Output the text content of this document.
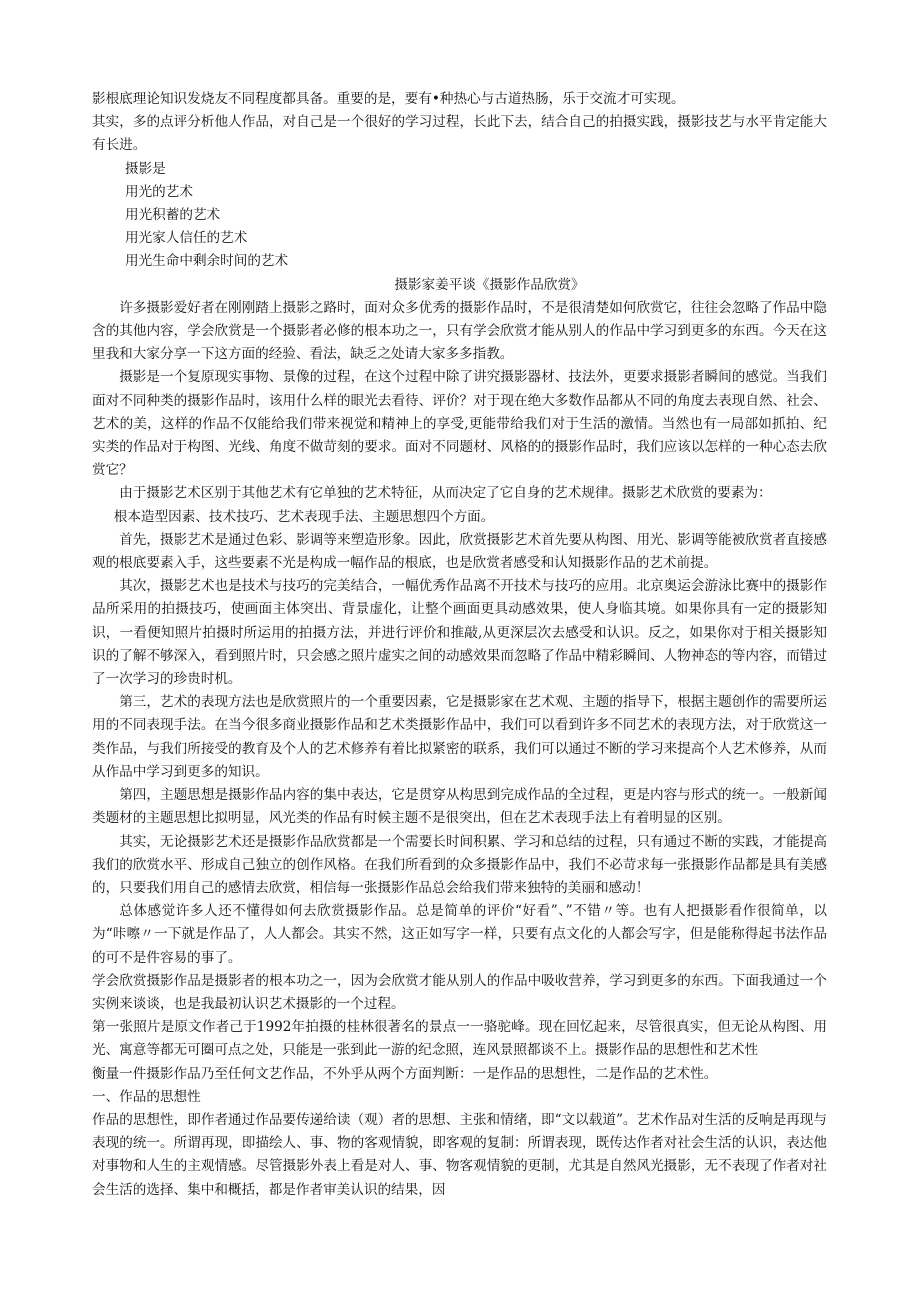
影根底理论知识发烧友不同程度都具备。重要的是，要有•种热心与古道热肠，乐于交流才可实现。

其实，多的点评分析他人作品，对自己是一个很好的学习过程，长此下去，结合自己的拍摄实践，摄影技艺与水平肯定能大有长进。

摄影是

用光的艺术

用光积蓄的艺术

用光家人信任的艺术

用光生命中剩余时间的艺术

摄影家姜平谈《摄影作品欣赏》

许多摄影爱好者在刚刚踏上摄影之路时，面对众多优秀的摄影作品时，不是很清楚如何欣赏它，往往会忽略了作品中隐含的其他内容，学会欣赏是一个摄影者必修的根本功之一，只有学会欣赏才能从别人的作品中学习到更多的东西。今天在这里我和大家分享一下这方面的经验、看法，缺乏之处请大家多多指教。

摄影是一个复原现实事物、景像的过程，在这个过程中除了讲究摄影器材、技法外，更要求摄影者瞬间的感觉。当我们面对不同种类的摄影作品时，该用什么样的眼光去看待、评价？对于现在绝大多数作品都从不同的角度去表现自然、社会、艺术的美，这样的作品不仅能给我们带来视觉和精神上的享受,更能带给我们对于生活的激情。当然也有一局部如抓拍、纪实类的作品对于构图、光线、角度不做苛刻的要求。面对不同题材、风格的的摄影作品时，我们应该以怎样的一种心态去欣赏它？

由于摄影艺术区别于其他艺术有它单独的艺术特征，从而决定了它自身的艺术规律。摄影艺术欣赏的要素为：

根本造型因素、技术技巧、艺术表现手法、主题思想四个方面。

首先，摄影艺术是通过色彩、影调等来塑造形象。因此，欣赏摄影艺术首先要从构图、用光、影调等能被欣赏者直接感观的根底要素入手，这些要素不光是构成一幅作品的根底，也是欣赏者感受和认知摄影作品的艺术前提。

其次，摄影艺术也是技术与技巧的完美结合，一幅优秀作品离不开技术与技巧的应用。北京奥运会游泳比赛中的摄影作品所采用的拍摄技巧，使画面主体突出、背景虚化，让整个画面更具动感效果，使人身临其境。如果你具有一定的摄影知识，一看便知照片拍摄时所运用的拍摄方法，并进行评价和推敲,从更深层次去感受和认识。反之，如果你对于相关摄影知识的了解不够深入，看到照片时，只会感之照片虚实之间的动感效果而忽略了作品中精彩瞬间、人物神态的等内容，而错过了一次学习的珍贵时机。

第三，艺术的表现方法也是欣赏照片的一个重要因素，它是摄影家在艺术观、主题的指导下，根据主题创作的需要所运用的不同表现手法。在当今很多商业摄影作品和艺术类摄影作品中，我们可以看到许多不同艺术的表现方法，对于欣赏这一类作品，与我们所接受的教育及个人的艺术修养有着比拟紧密的联系，我们可以通过不断的学习来提高个人艺术修养，从而从作品中学习到更多的知识。

第四，主题思想是摄影作品内容的集中表达，它是贯穿从构思到完成作品的全过程，更是内容与形式的统一。一般新闻类题材的主题思想比拟明显，风光类的作品有时候主题不是很突出，但在艺术表现手法上有着明显的区别。

其实，无论摄影艺术还是摄影作品欣赏都是一个需要长时间积累、学习和总结的过程，只有通过不断的实践，才能提高我们的欣赏水平、形成自己独立的创作风格。在我们所看到的众多摄影作品中，我们不必苛求每一张摄影作品都是具有美感的，只要我们用自己的感情去欣赏，相信每一张摄影作品总会给我们带来独特的美丽和感动！

总体感觉许多人还不懂得如何去欣赏摄影作品。总是简单的评价“好看”、”不错〃等。也有人把摄影看作很简单，以为“咔嚓〃一下就是作品了，人人都会。其实不然，这正如写字一样，只要有点文化的人都会写字，但是能称得起书法作品的可不是件容易的事了。

学会欣赏摄影作品是摄影者的根本功之一，因为会欣赏才能从别人的作品中吸收营养，学习到更多的东西。下面我通过一个实例来谈谈，也是我最初认识艺术摄影的一个过程。

第一张照片是原文作者己于1992年拍摄的桂林很著名的景点一一骆驼峰。现在回忆起来，尽管很真实，但无论从构图、用光、寓意等都无可圈可点之处，只能是一张到此一游的纪念照，连风景照都谈不上。摄影作品的思想性和艺术性

衡量一件摄影作品乃至任何文艺作品，不外乎从两个方面判断：一是作品的思想性，二是作品的艺术性。

一、作品的思想性

作品的思想性，即作者通过作品要传递给读（观）者的思想、主张和情绪，即“文以载道”。艺术作品对生活的反响是再现与表现的统一。所谓再现，即描绘人、事、物的客观情貌，即客观的复制：所谓表现，既传达作者对社会生活的认识，表达他对事物和人生的主观情感。尽管摄影外表上看是对人、事、物客观情貌的更制，尤其是自然风光摄影，无不表现了作者对社会生活的选择、集中和概括，都是作者审美认识的结果，因
